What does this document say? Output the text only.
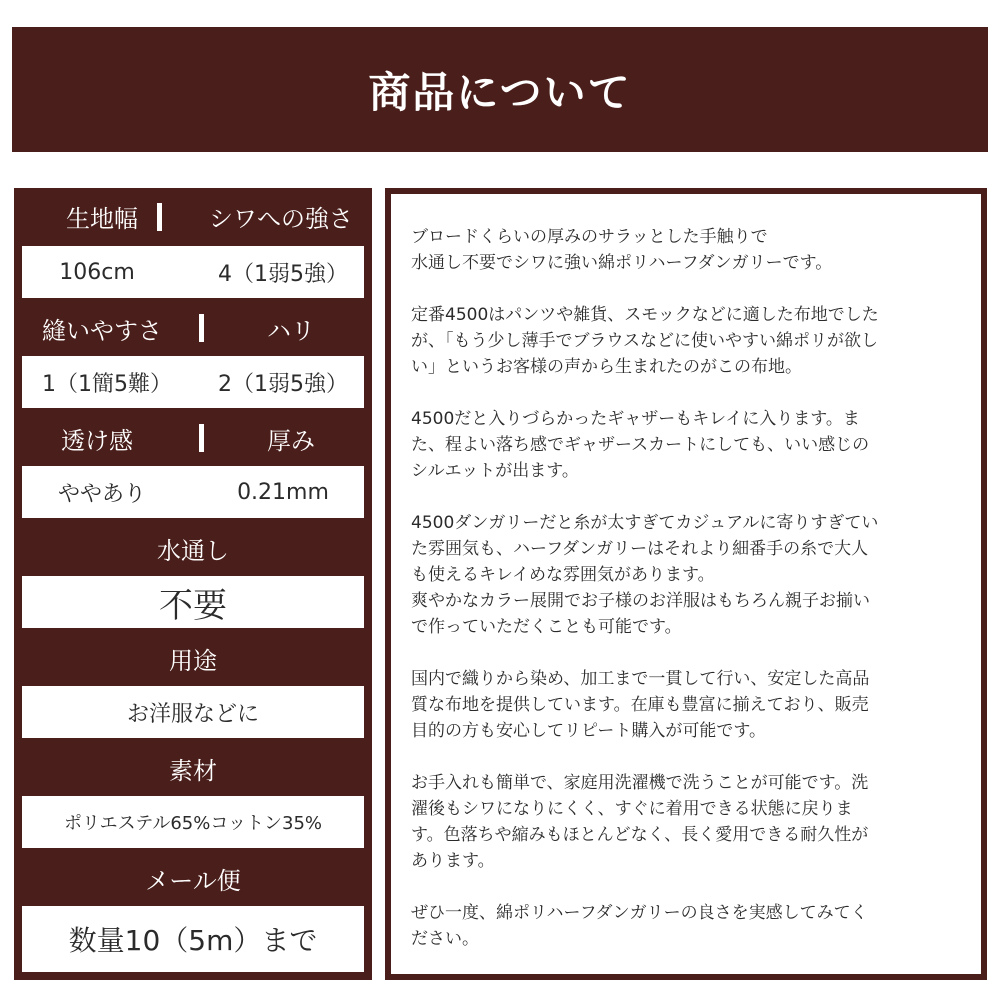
商品について
生地幅	シワへの強さ
106cm	4（1弱5強）
縫いやすさ	ハリ
1（1簡5難）	2（1弱5強）
透け感	厚み
ややあり	0.21mm
水通し
不要
用途
お洋服などに
素材
ポリエステル65%コットン35%
メール便
数量10（5m）まで

ブロードくらいの厚みのサラッとした手触りで
水通し不要でシワに強い綿ポリハーフダンガリーです。

定番4500はパンツや雑貨、スモックなどに適した布地でした
が、「もう少し薄手でブラウスなどに使いやすい綿ポリが欲し
い」というお客様の声から生まれたのがこの布地。

4500だと入りづらかったギャザーもキレイに入ります。ま
た、程よい落ち感でギャザースカートにしても、いい感じの
シルエットが出ます。

4500ダンガリーだと糸が太すぎてカジュアルに寄りすぎてい
た雰囲気も、ハーフダンガリーはそれより細番手の糸で大人
も使えるキレイめな雰囲気があります。
爽やかなカラー展開でお子様のお洋服はもちろん親子お揃い
で作っていただくことも可能です。

国内で織りから染め、加工まで一貫して行い、安定した高品
質な布地を提供しています。在庫も豊富に揃えており、販売
目的の方も安心してリピート購入が可能です。

お手入れも簡単で、家庭用洗濯機で洗うことが可能です。洗
濯後もシワになりにくく、すぐに着用できる状態に戻りま
す。色落ちや縮みもほとんどなく、長く愛用できる耐久性が
あります。

ぜひ一度、綿ポリハーフダンガリーの良さを実感してみてく
ださい。
